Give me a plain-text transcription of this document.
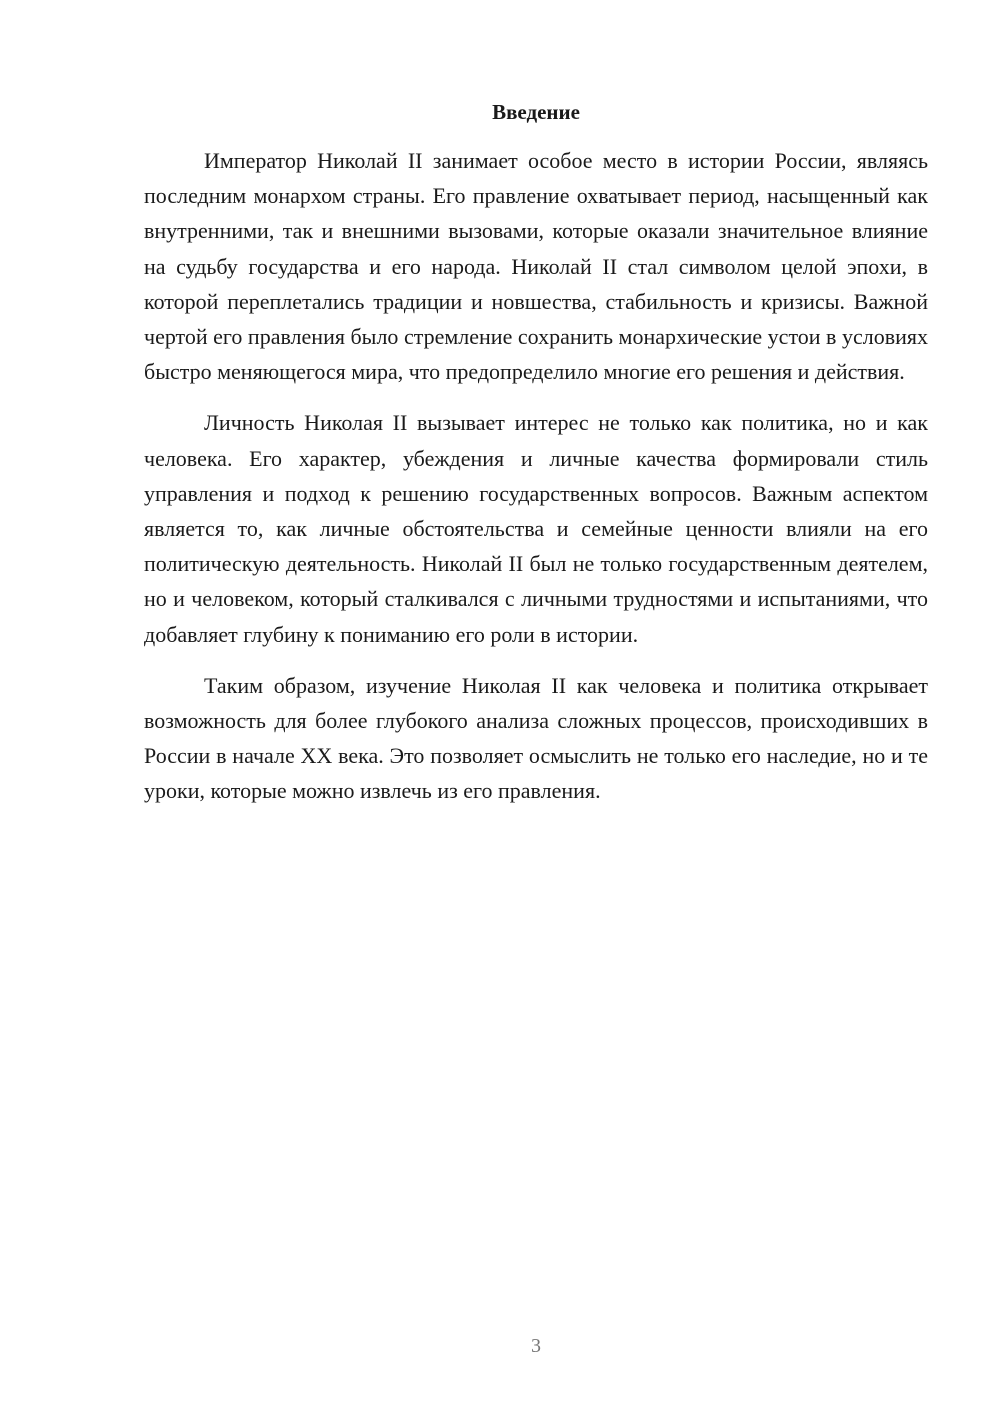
Введение

Император Николай II занимает особое место в истории России, являясь последним монархом страны. Его правление охватывает период, насыщенный как внутренними, так и внешними вызовами, которые оказали значительное влияние на судьбу государства и его народа. Николай II стал символом целой эпохи, в которой переплетались традиции и новшества, стабильность и кризисы. Важной чертой его правления было стремление сохранить монархические устои в условиях быстро меняющегося мира, что предопределило многие его решения и действия.

Личность Николая II вызывает интерес не только как политика, но и как человека. Его характер, убеждения и личные качества формировали стиль управления и подход к решению государственных вопросов. Важным аспектом является то, как личные обстоятельства и семейные ценности влияли на его политическую деятельность. Николай II был не только государственным деятелем, но и человеком, который сталкивался с личными трудностями и испытаниями, что добавляет глубину к пониманию его роли в истории.

Таким образом, изучение Николая II как человека и политика открывает возможность для более глубокого анализа сложных процессов, происходивших в России в начале XX века. Это позволяет осмыслить не только его наследие, но и те уроки, которые можно извлечь из его правления.

3
